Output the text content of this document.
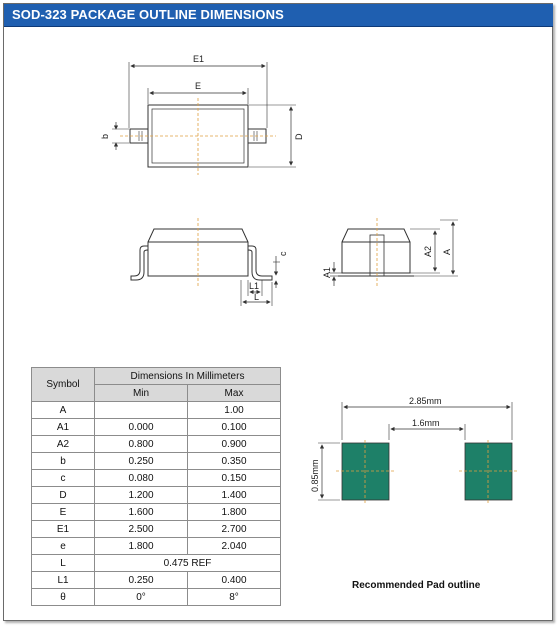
SOD-323 PACKAGE OUTLINE DIMENSIONS
E1
E
b	D
c
L1
L
A1
A2 A
2.85mm
1.6mm
0.85mm
Symbol	Dimensions In Millimeters	
	Min	Max
A		1.00
A1	0.000	0.100
A2	0.800	0.900
b	0.250	0.350
c	0.080	0.150
D	1.200	1.400
E	1.600	1.800
E1	2.500	2.700
e	1.800	2.040
L	0.475 REF	
L1	0.250	0.400
θ	0°	8°
Recommended Pad outline
